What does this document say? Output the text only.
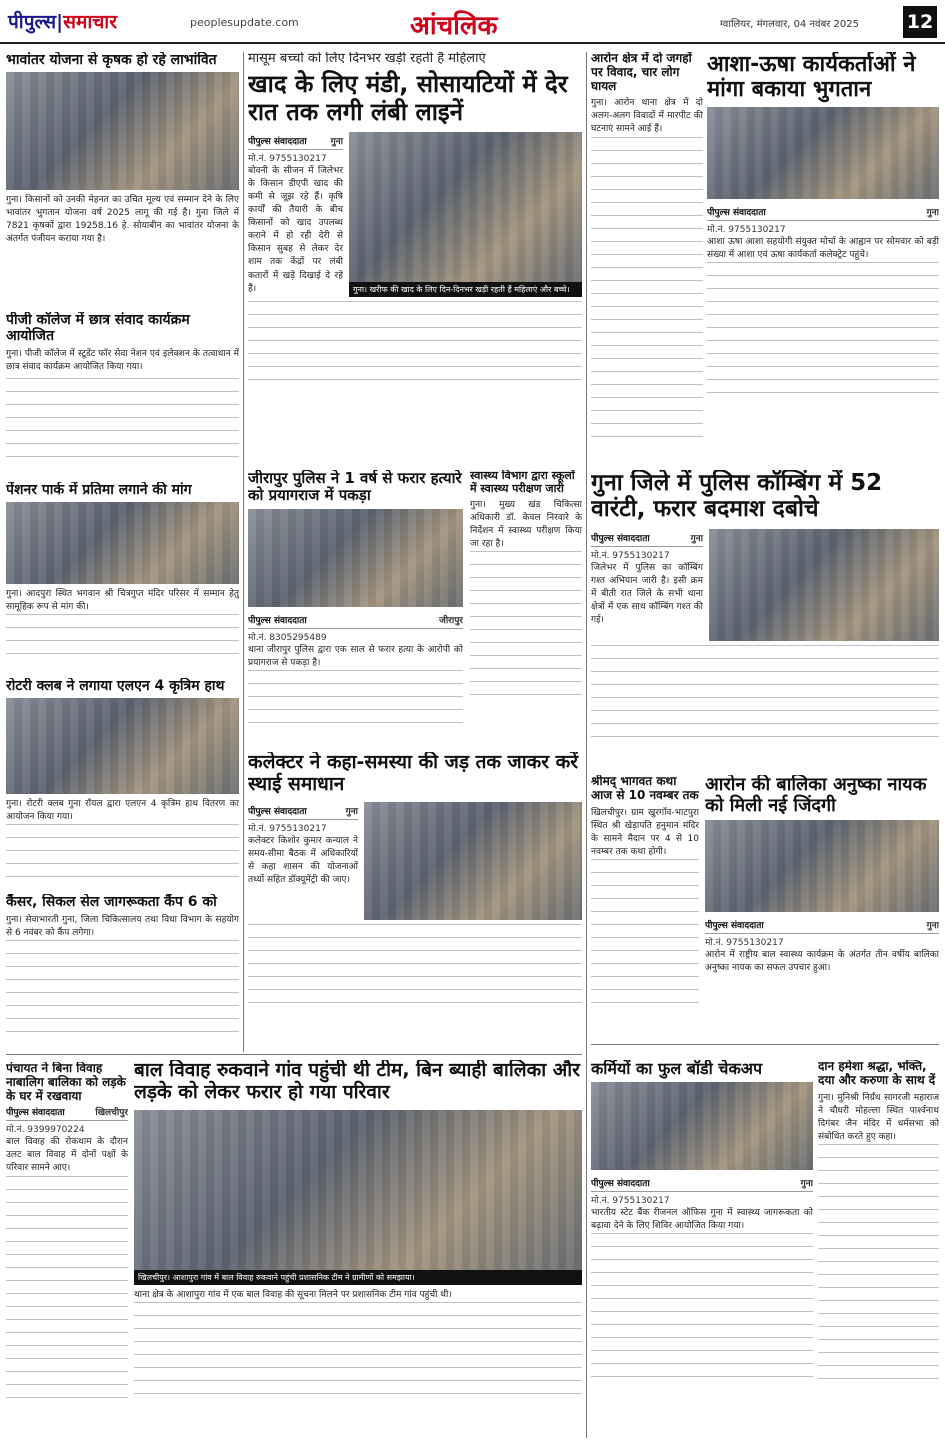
पीपुल्स|समाचार	peoplesupdate.com	आंचलिक	ग्वालियर, मंगलवार, 04 नवंबर 2025	12
भावांतर योजना से कृषक हो रहे लाभांवित
गुना। किसानों को उनकी मेहनत का उचित मूल्य एवं सम्मान देने के लिए भावांतर भुगतान योजना वर्ष 2025 लागू की गई है। गुना जिले में 7821 कृषकों द्वारा 19258.16 हे. सोयाबीन का भावांतर योजना के अंतर्गत पंजीयन कराया गया है।
पीजी कॉलेज में छात्र संवाद कार्यक्रम आयोजित
गुना। पीजी कॉलेज में स्टूडेंट फॉर सेवा नेशन एवं इलेक्शन के तत्वाधान में छात्र संवाद कार्यक्रम आयोजित किया गया।
पेंशनर पार्क में प्रतिमा लगाने की मांग
गुना। आदपुरा स्थित भगवान श्री चित्रगुप्त मंदिर परिसर में सम्मान हेतु सामूहिक रूप से मांग की।
रोटरी क्लब ने लगाया एलएन 4 कृत्रिम हाथ
गुना। रोटरी क्लब गुना रॉयल द्वारा एलएन 4 कृत्रिम हाथ वितरण का आयोजन किया गया।
कैंसर, सिकल सेल जागरूकता कैंप 6 को
गुना। सेवाभारती गुना, जिला चिकित्सालय तथा विधा विभाग के सहयोग से 6 नवंबर को कैंप लगेगा।
पंचायत ने बिना विवाह नाबालिग बालिका को लड़के के घर में रखवाया
पीपुल्स संवाददाता	खिलचीपुर
मो.नं. 9399970224
बाल विवाह की रोकथाम के दौरान उलट बाल विवाह में दोनों पक्षों के परिवार सामने आए।
मासूम बच्चों को लिए दिनभर खड़ी रहती हैं महिलाएं
खाद के लिए मंडी, सोसायटियों में देर रात तक लगी लंबी लाइनें
पीपुल्स संवाददाता	गुना
मो.नं. 9755130217
बोवनी के सीजन में जिलेभर के किसान डीएपी खाद की कमी से जूझ रहे हैं। कृषि कार्यों की तैयारी के बीच किसानों को खाद उपलब्ध कराने में हो रही देरी से किसान सुबह से लेकर देर शाम तक केंद्रों पर लंबी कतारों में खड़े दिखाई दे रहे हैं।	गुना। खरीफ की खाद के लिए दिन-दिनभर खड़ी रहती हैं महिलाएं और बच्चे।
जीरापुर पुलिस ने 1 वर्ष से फरार हत्यारे को प्रयागराज में पकड़ा
पीपुल्स संवाददाता	जीरापुर
मो.नं. 8305295489
थाना जीरापुर पुलिस द्वारा एक साल से फरार हत्या के आरोपी को प्रयागराज से पकड़ा है।
स्वास्थ्य विभाग द्वारा स्कूलों में स्वास्थ्य परीक्षण जारी
गुना। मुख्य खंड चिकित्सा अधिकारी डॉ. केवल निरवारे के निर्देशन में स्वास्थ्य परीक्षण किया जा रहा है।
कलेक्टर ने कहा-समस्या की जड़ तक जाकर करें स्थाई समाधान
पीपुल्स संवाददाता	गुना
मो.नं. 9755130217
कलेक्टर किशोर कुमार कन्याल ने समय-सीमा बैठक में अधिकारियों से कहा शासन की योजनाओं तथ्यों सहित डॉक्यूमेंट्री की जाए।
बाल विवाह रुकवाने गांव पहुंची थी टीम, बिन ब्याही बालिका और लड़के को लेकर फरार हो गया परिवार
खिलचीपुर। आशापुरा गांव में बाल विवाह रुकवाने पहुंची प्रशासनिक टीम ने ग्रामीणों को समझाया।
थाना क्षेत्र के आशापुरा गांव में एक बाल विवाह की सूचना मिलने पर प्रशासनिक टीम गांव पहुंची थी।
आरोन क्षेत्र में दो जगहों पर विवाद, चार लोग घायल
गुना। आरोन थाना क्षेत्र में दो अलग-अलग विवादों में मारपीट की घटनाएं सामने आई हैं।
आशा-ऊषा कार्यकर्ताओं ने मांगा बकाया भुगतान
पीपुल्स संवाददाता	गुना
मो.नं. 9755130217
आशा ऊषा आशा सहयोगी संयुक्त मोर्चा के आह्वान पर सोमवार को बड़ी संख्या में आशा एवं ऊषा कार्यकर्ता कलेक्ट्रेट पहुंचे।
गुना जिले में पुलिस कॉम्बिंग में 52 वारंटी, फरार बदमाश दबोचे
पीपुल्स संवाददाता	गुना
मो.नं. 9755130217
जिलेभर में पुलिस का कॉम्बिंग गश्त अभियान जारी है। इसी क्रम में बीती रात जिले के सभी थाना क्षेत्रों में एक साथ कॉम्बिंग गश्त की गई।
श्रीमद् भागवत कथा आज से 10 नवम्बर तक
खिलचीपुर। ग्राम खुरगाँव-भाटपुरा स्थित श्री खेड़ापति हनुमान मंदिर के सामने मैदान पर 4 से 10 नवम्बर तक कथा होगी।
आरोन की बालिका अनुष्का नायक को मिली नई जिंदगी
पीपुल्स संवाददाता	गुना
मो.नं. 9755130217
आरोन में राष्ट्रीय बाल स्वास्थ्य कार्यक्रम के अंतर्गत तीन वर्षीय बालिका अनुष्का नायक का सफल उपचार हुआ।
कर्मियों का फुल बॉडी चेकअप
पीपुल्स संवाददाता	गुना
मो.नं. 9755130217
भारतीय स्टेट बैंक रीजनल ऑफिस गुना में स्वास्थ्य जागरूकता को बढ़ावा देने के लिए शिविर आयोजित किया गया।
दान हमेशा श्रद्धा, भक्ति, दया और करुणा के साथ दें
गुना। मुनिश्री निर्ग्रंथ सागरजी महाराज ने चौधरी मोहल्ला स्थित पार्श्वनाथ दिगंबर जैन मंदिर में धर्मसभा को संबोधित करते हुए कहा।
